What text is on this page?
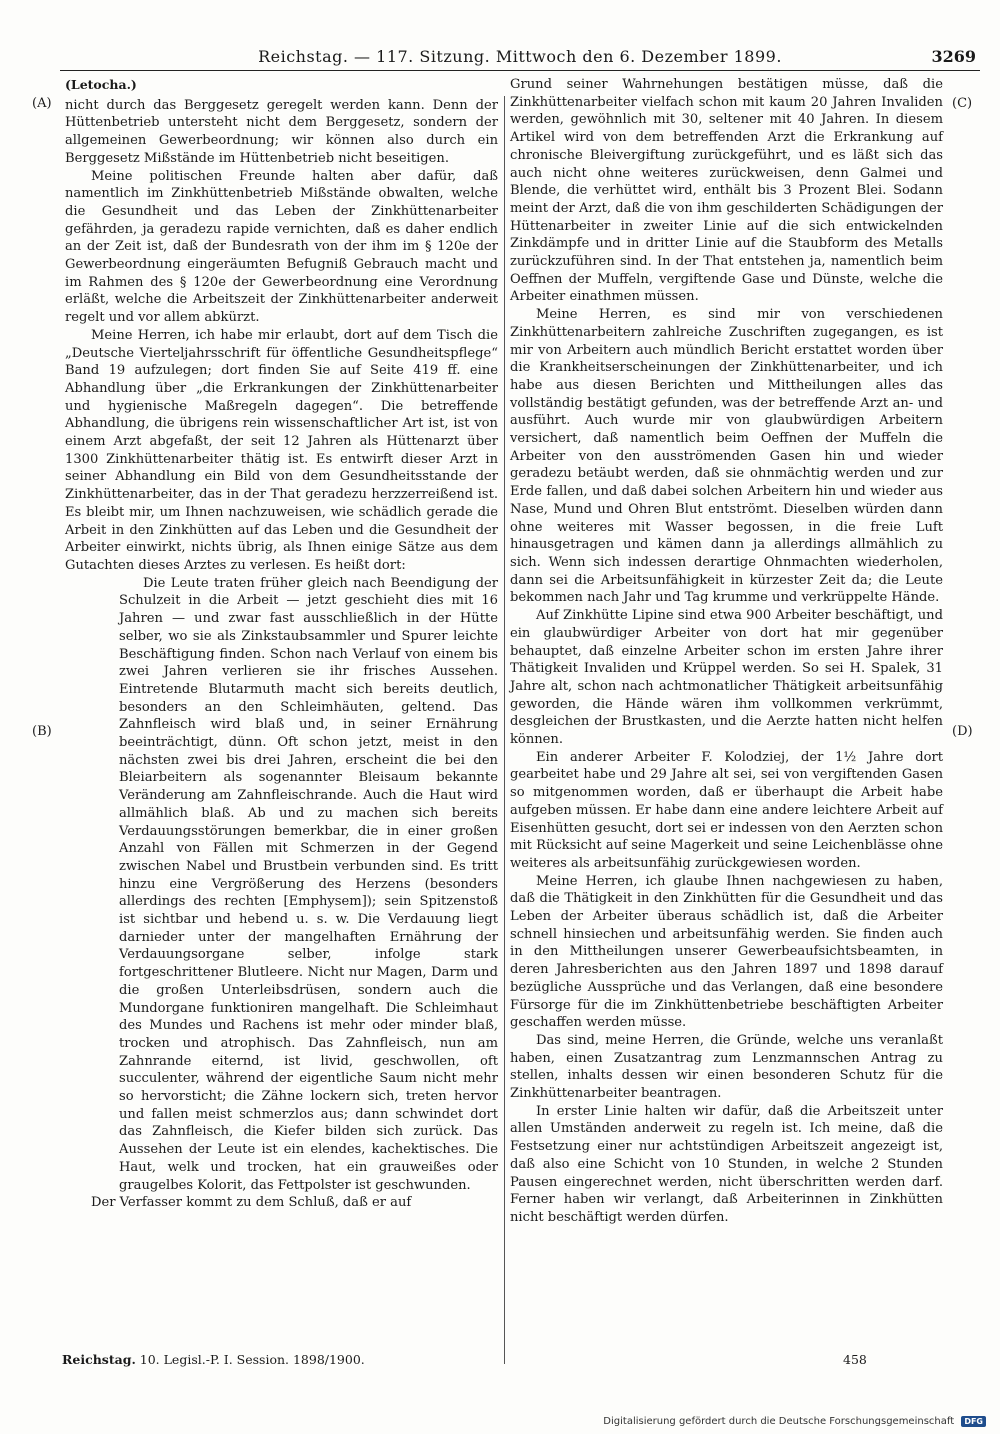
Reichstag. — 117. Sitzung. Mittwoch den 6. Dezember 1899.	3269
(A)
(B)
(C)
(D)

(Letocha.)

nicht durch das Berggesetz geregelt werden kann. Denn der Hüttenbetrieb untersteht nicht dem Berggesetz, sondern der allgemeinen Gewerbeordnung; wir können also durch ein Berggesetz Mißstände im Hüttenbetrieb nicht beseitigen.

Meine politischen Freunde halten aber dafür, daß namentlich im Zinkhüttenbetrieb Mißstände obwalten, welche die Gesundheit und das Leben der Zinkhüttenarbeiter gefährden, ja geradezu rapide vernichten, daß es daher endlich an der Zeit ist, daß der Bundesrath von der ihm im § 120e der Gewerbeordnung eingeräumten Befugniß Gebrauch macht und im Rahmen des § 120e der Gewerbeordnung eine Verordnung erläßt, welche die Arbeitszeit der Zinkhüttenarbeiter anderweit regelt und vor allem abkürzt.

Meine Herren, ich habe mir erlaubt, dort auf dem Tisch die „Deutsche Vierteljahrsschrift für öffentliche Gesundheitspflege“ Band 19 aufzulegen; dort finden Sie auf Seite 419 ff. eine Abhandlung über „die Erkrankungen der Zinkhüttenarbeiter und hygienische Maßregeln dagegen“. Die betreffende Abhandlung, die übrigens rein wissenschaftlicher Art ist, ist von einem Arzt abgefaßt, der seit 12 Jahren als Hüttenarzt über 1300 Zinkhüttenarbeiter thätig ist. Es entwirft dieser Arzt in seiner Abhandlung ein Bild von dem Gesundheitsstande der Zinkhüttenarbeiter, das in der That geradezu herzzerreißend ist. Es bleibt mir, um Ihnen nachzuweisen, wie schädlich gerade die Arbeit in den Zinkhütten auf das Leben und die Gesundheit der Arbeiter einwirkt, nichts übrig, als Ihnen einige Sätze aus dem Gutachten dieses Arztes zu verlesen. Es heißt dort:

Die Leute traten früher gleich nach Beendigung der Schulzeit in die Arbeit — jetzt geschieht dies mit 16 Jahren — und zwar fast ausschließlich in der Hütte selber, wo sie als Zinkstaubsammler und Spurer leichte Beschäftigung finden. Schon nach Verlauf von einem bis zwei Jahren verlieren sie ihr frisches Aussehen. Eintretende Blutarmuth macht sich bereits deutlich, besonders an den Schleimhäuten, geltend. Das Zahnfleisch wird blaß und, in seiner Ernährung beeinträchtigt, dünn. Oft schon jetzt, meist in den nächsten zwei bis drei Jahren, erscheint die bei den Bleiarbeitern als sogenannter Bleisaum bekannte Veränderung am Zahnfleischrande. Auch die Haut wird allmählich blaß. Ab und zu machen sich bereits Verdauungsstörungen bemerkbar, die in einer großen Anzahl von Fällen mit Schmerzen in der Gegend zwischen Nabel und Brustbein verbunden sind. Es tritt hinzu eine Vergrößerung des Herzens (besonders allerdings des rechten [Emphysem]); sein Spitzenstoß ist sichtbar und hebend u. s. w. Die Verdauung liegt darnieder unter der mangelhaften Ernährung der Verdauungsorgane selber, infolge stark fortgeschrittener Blutleere. Nicht nur Magen, Darm und die großen Unterleibsdrüsen, sondern auch die Mundorgane funktioniren mangelhaft. Die Schleimhaut des Mundes und Rachens ist mehr oder minder blaß, trocken und atrophisch. Das Zahnfleisch, nun am Zahnrande eiternd, ist livid, geschwollen, oft succulenter, während der eigentliche Saum nicht mehr so hervorsticht; die Zähne lockern sich, treten hervor und fallen meist schmerzlos aus; dann schwindet dort das Zahnfleisch, die Kiefer bilden sich zurück. Das Aussehen der Leute ist ein elendes, kachektisches. Die Haut, welk und trocken, hat ein grauweißes oder graugelbes Kolorit, das Fettpolster ist geschwunden.

Der Verfasser kommt zu dem Schluß, daß er auf

Grund seiner Wahrnehungen bestätigen müsse, daß die Zinkhüttenarbeiter vielfach schon mit kaum 20 Jahren Invaliden werden, gewöhnlich mit 30, seltener mit 40 Jahren. In diesem Artikel wird von dem betreffenden Arzt die Erkrankung auf chronische Bleivergiftung zurückgeführt, und es läßt sich das auch nicht ohne weiteres zurückweisen, denn Galmei und Blende, die verhüttet wird, enthält bis 3 Prozent Blei. Sodann meint der Arzt, daß die von ihm geschilderten Schädigungen der Hüttenarbeiter in zweiter Linie auf die sich entwickelnden Zinkdämpfe und in dritter Linie auf die Staubform des Metalls zurückzuführen sind. In der That entstehen ja, namentlich beim Oeffnen der Muffeln, vergiftende Gase und Dünste, welche die Arbeiter einathmen müssen.

Meine Herren, es sind mir von verschiedenen Zinkhüttenarbeitern zahlreiche Zuschriften zugegangen, es ist mir von Arbeitern auch mündlich Bericht erstattet worden über die Krankheitserscheinungen der Zinkhüttenarbeiter, und ich habe aus diesen Berichten und Mittheilungen alles das vollständig bestätigt gefunden, was der betreffende Arzt an- und ausführt. Auch wurde mir von glaubwürdigen Arbeitern versichert, daß namentlich beim Oeffnen der Muffeln die Arbeiter von den ausströmenden Gasen hin und wieder geradezu betäubt werden, daß sie ohnmächtig werden und zur Erde fallen, und daß dabei solchen Arbeitern hin und wieder aus Nase, Mund und Ohren Blut entströmt. Dieselben würden dann ohne weiteres mit Wasser begossen, in die freie Luft hinausgetragen und kämen dann ja allerdings allmählich zu sich. Wenn sich indessen derartige Ohnmachten wiederholen, dann sei die Arbeitsunfähigkeit in kürzester Zeit da; die Leute bekommen nach Jahr und Tag krumme und verkrüppelte Hände.

Auf Zinkhütte Lipine sind etwa 900 Arbeiter beschäftigt, und ein glaubwürdiger Arbeiter von dort hat mir gegenüber behauptet, daß einzelne Arbeiter schon im ersten Jahre ihrer Thätigkeit Invaliden und Krüppel werden. So sei H. Spalek, 31 Jahre alt, schon nach achtmonatlicher Thätigkeit arbeitsunfähig geworden, die Hände wären ihm vollkommen verkrümmt, desgleichen der Brustkasten, und die Aerzte hatten nicht helfen können.

Ein anderer Arbeiter F. Kolodziej, der 1½ Jahre dort gearbeitet habe und 29 Jahre alt sei, sei von vergiftenden Gasen so mitgenommen worden, daß er überhaupt die Arbeit habe aufgeben müssen. Er habe dann eine andere leichtere Arbeit auf Eisenhütten gesucht, dort sei er indessen von den Aerzten schon mit Rücksicht auf seine Magerkeit und seine Leichenblässe ohne weiteres als arbeitsunfähig zurückgewiesen worden.

Meine Herren, ich glaube Ihnen nachgewiesen zu haben, daß die Thätigkeit in den Zinkhütten für die Gesundheit und das Leben der Arbeiter überaus schädlich ist, daß die Arbeiter schnell hinsiechen und arbeitsunfähig werden. Sie finden auch in den Mittheilungen unserer Gewerbeaufsichtsbeamten, in deren Jahresberichten aus den Jahren 1897 und 1898 darauf bezügliche Aussprüche und das Verlangen, daß eine besondere Fürsorge für die im Zinkhüttenbetriebe beschäftigten Arbeiter geschaffen werden müsse.

Das sind, meine Herren, die Gründe, welche uns veranlaßt haben, einen Zusatzantrag zum Lenzmannschen Antrag zu stellen, inhalts dessen wir einen besonderen Schutz für die Zinkhüttenarbeiter beantragen.

In erster Linie halten wir dafür, daß die Arbeitszeit unter allen Umständen anderweit zu regeln ist. Ich meine, daß die Festsetzung einer nur achtstündigen Arbeitszeit angezeigt ist, daß also eine Schicht von 10 Stunden, in welche 2 Stunden Pausen eingerechnet werden, nicht überschritten werden darf. Ferner haben wir verlangt, daß Arbeiterinnen in Zinkhütten nicht beschäftigt werden dürfen.

Reichstag. 10. Legisl.-P. I. Session. 1898/1900.	458
Digitalisierung gefördert durch die Deutsche Forschungsgemeinschaft DFG
